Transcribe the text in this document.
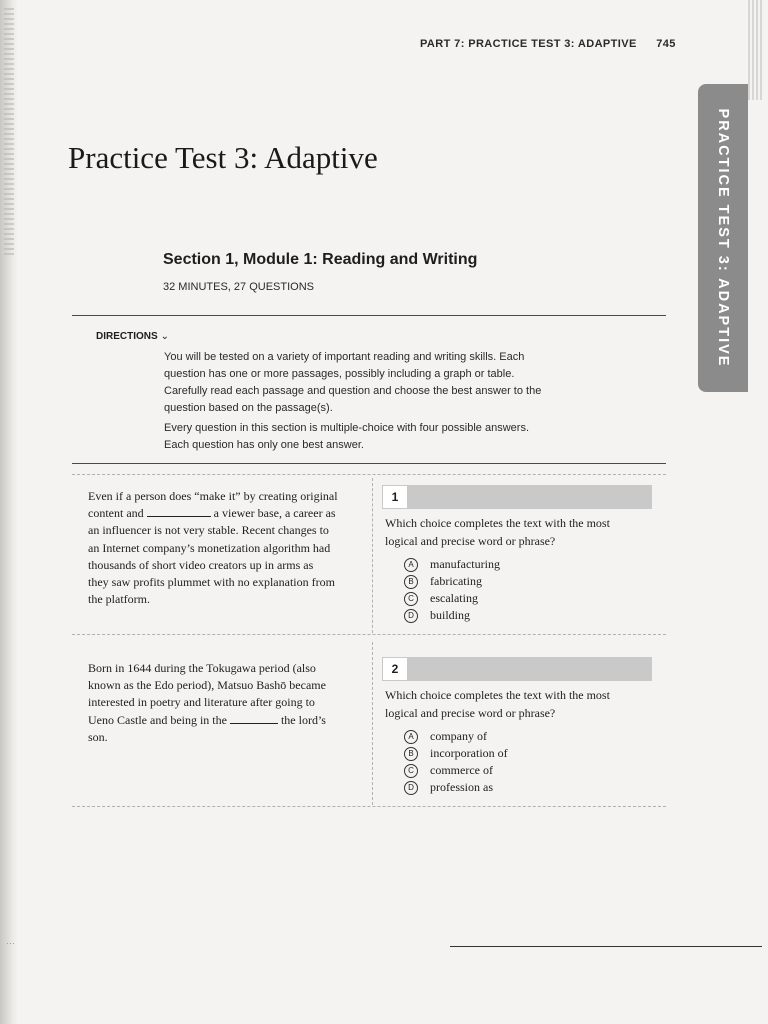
PART 7: PRACTICE TEST 3: ADAPTIVE 745
PRACTICE TEST 3: ADAPTIVE
Practice Test 3: Adaptive
Section 1, Module 1: Reading and Writing
32 MINUTES, 27 QUESTIONS
DIRECTIONS ⌄
You will be tested on a variety of important reading and writing skills. Each
question has one or more passages, possibly including a graph or table.
Carefully read each passage and question and choose the best answer to the
question based on the passage(s).
Every question in this section is multiple-choice with four possible answers.
Each question has only one best answer.
Even if a person does “make it” by creating original
content and	a viewer base, a career as
an influencer is not very stable. Recent changes to
an Internet company’s monetization algorithm had
thousands of short video creators up in arms as
they saw profits plummet with no explanation from
the platform.
1
Which choice completes the text with the most
logical and precise word or phrase?
A manufacturing
B fabricating
C escalating
D building
Born in 1644 during the Tokugawa period (also
known as the Edo period), Matsuo Bashō became
interested in poetry and literature after going to
Ueno Castle and being in the	the lord’s
son.
2
Which choice completes the text with the most
logical and precise word or phrase?
A company of
B incorporation of
C commerce of
D profession as
⋯
